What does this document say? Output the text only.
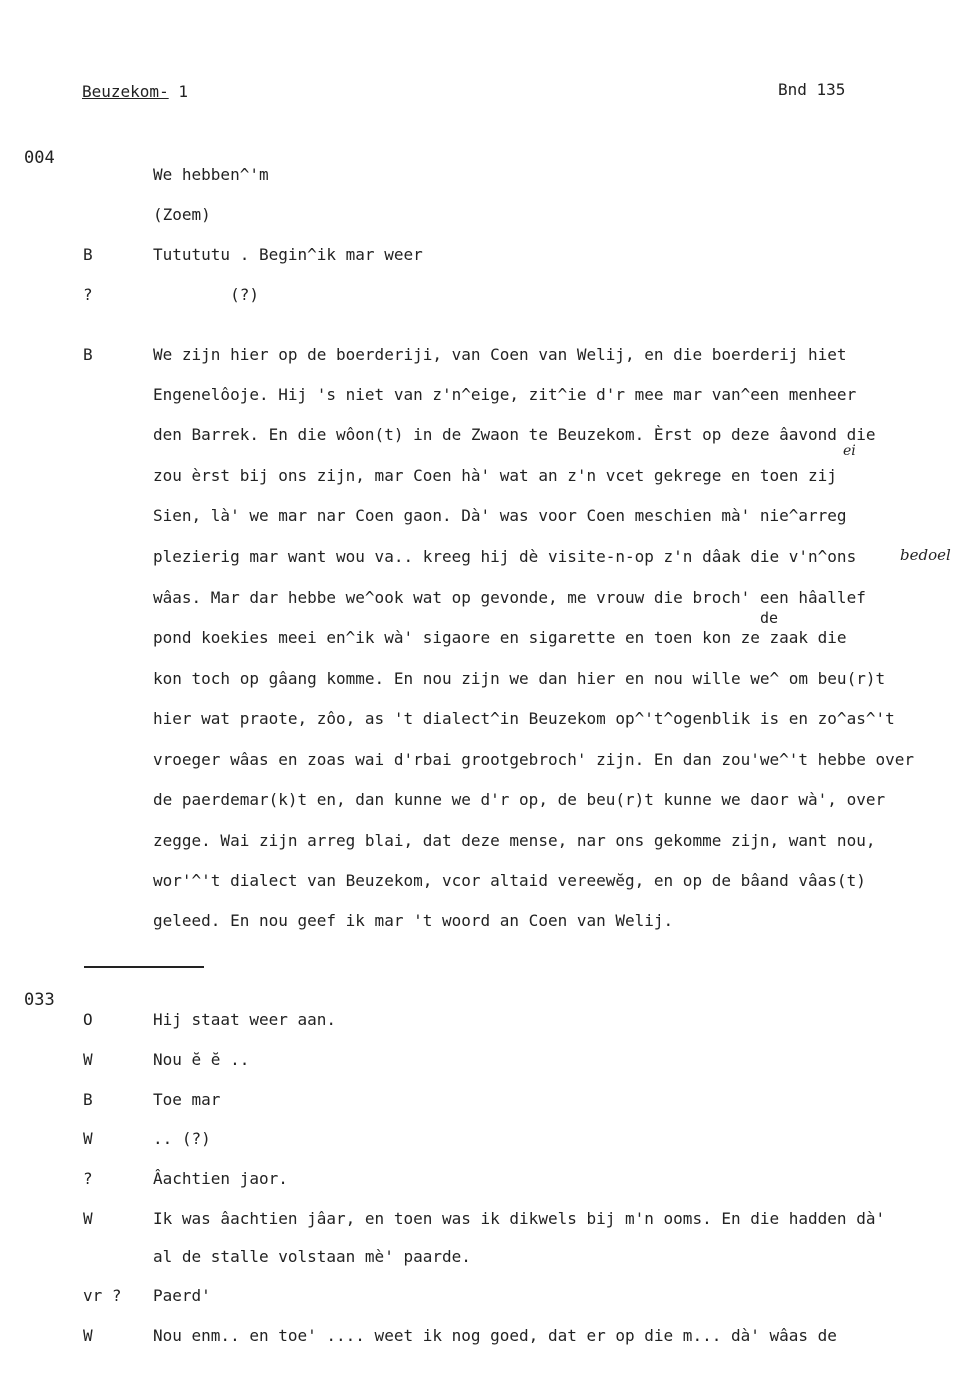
Beuzekom- 1	Bnd 135
004
033
We hebben^'m
(Zoem)
B	Tutututu . Begin^ik mar weer
?	(?)
B	We zijn hier op de boerderiji, van Coen van Welij, en die boerderij hiet
Engenelôoje. Hij 's niet van z'n^eige, zit^ie d'r mee mar van^een menheer
den Barrek. En die wôon(t) in de Zwaon te Beuzekom. Èrst op deze âavond die
zou èrst bij ons zijn, mar Coen hà' wat an z'n vcet gekrege en toen zij
Sien, là' we mar nar Coen gaon. Dà' was voor Coen meschien mà' nie^arreg
plezierig mar want wou va.. kreeg hij dè visite-n-op z'n dâak die v'n^ons
wâas. Mar dar hebbe we^ook wat op gevonde, me vrouw die broch' een hâallef
pond koekies meei en^ik wà' sigaore en sigarette en toen kon ze zaak die
kon toch op gâang komme. En nou zijn we dan hier en nou wille we^ om beu(r)t
hier wat praote, zôo, as 't dialect^in Beuzekom op^'t^ogenblik is en zo^as^'t
vroeger wâas en zoas wai d'rbai grootgebroch' zijn. En dan zou'we^'t hebbe over
de paerdemar(k)t en, dan kunne we d'r op, de beu(r)t kunne we daor wà', over
zegge. Wai zijn arreg blai, dat deze mense, nar ons gekomme zijn, want nou,
wor'^'t dialect van Beuzekom, vcor altaid vereewĕg, en op de bâand vâas(t)
geleed. En nou geef ik mar 't woord an Coen van Welij.
O	Hij staat weer aan.
W	Nou ĕ ĕ ..
B	Toe mar
W	.. (?)
?	Âachtien jaor.
W	Ik was âachtien jâar, en toen was ik dikwels bij m'n ooms. En die hadden dà'
al de stalle volstaan mè' paarde.
vr ? Paerd'
W	Nou enm.. en toe' .... weet ik nog goed, dat er op die m... dà' wâas de
de
ei
bedoel
